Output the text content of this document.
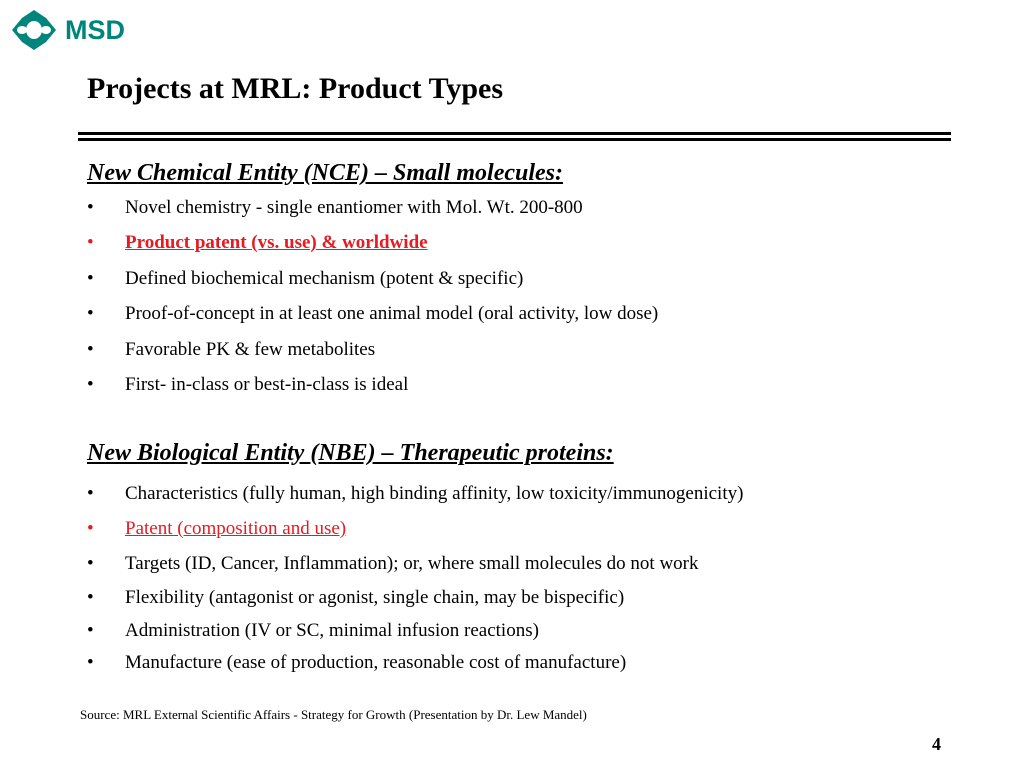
MSD
Projects at MRL: Product Types
New Chemical Entity (NCE) – Small molecules:
• Novel chemistry - single enantiomer with Mol. Wt. 200-800
• Product patent (vs. use) & worldwide
• Defined biochemical mechanism (potent & specific)
• Proof-of-concept in at least one animal model (oral activity, low dose)
• Favorable PK & few metabolites
• First- in-class or best-in-class is ideal
New Biological Entity (NBE) – Therapeutic proteins:
• Characteristics (fully human, high binding affinity, low toxicity/immunogenicity)
• Patent (composition and use)
• Targets (ID, Cancer, Inflammation); or, where small molecules do not work
• Flexibility (antagonist or agonist, single chain, may be bispecific)
• Administration (IV or SC, minimal infusion reactions)
• Manufacture (ease of production, reasonable cost of manufacture)
Source: MRL External Scientific Affairs - Strategy for Growth (Presentation by Dr. Lew Mandel)
4
